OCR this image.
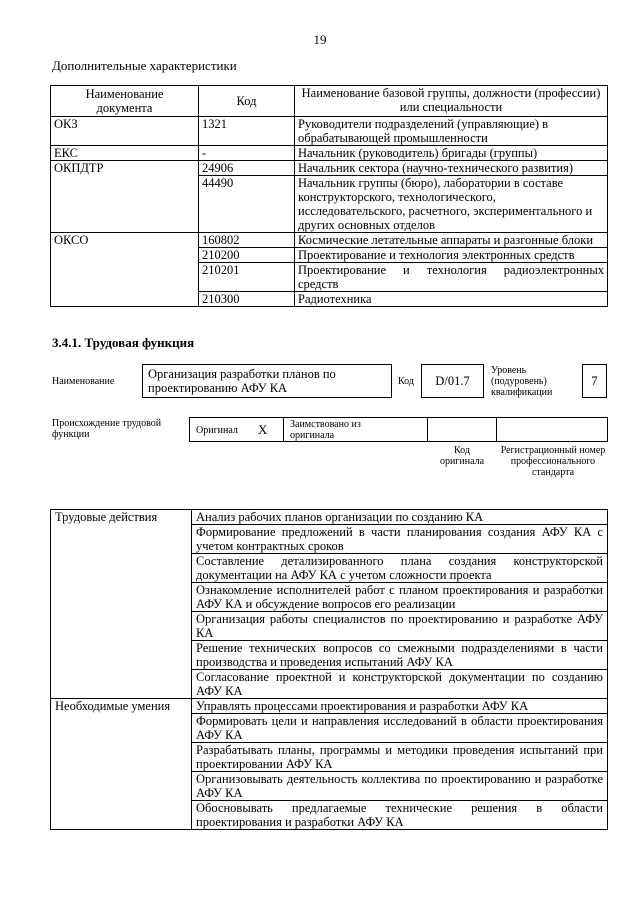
19
Дополнительные характеристики
Наименование документа	Код	Наименование базовой группы, должности (профессии) или специальности
ОКЗ	1321	Руководители подразделений (управляющие) в обрабатывающей промышленности
ЕКС	-	Начальник (руководитель) бригады (группы)
ОКПДТР	24906	Начальник сектора (научно-технического развития)
	44490	Начальник группы (бюро), лаборатории в составе конструкторского, технологического, исследовательского, расчетного, экспериментального и других основных отделов
ОКСО	160802	Космические летательные аппараты и разгонные блоки
	210200	Проектирование и технология электронных средств
	210201	Проектирование и технология радиоэлектронных средств
	210300	Радиотехника
3.4.1. Трудовая функция
Наименование
Организация разработки планов по проектированию АФУ КА	Код	D/01.7
Уровень (подуровень) квалификации
7
Происхождение трудовой функции	Оригинал X Заимствовано из оригинала
Код оригинала
Регистрационный номер профессионального стандарта
Трудовые действия	Анализ рабочих планов организации по созданию КА
	Формирование предложений в части планирования создания АФУ КА с учетом контрактных сроков
	Составление детализированного плана создания конструкторской документации на АФУ КА с учетом сложности проекта
	Ознакомление исполнителей работ с планом проектирования и разработки АФУ КА и обсуждение вопросов его реализации
	Организация работы специалистов по проектированию и разработке АФУ КА
	Решение технических вопросов со смежными подразделениями в части производства и проведения испытаний АФУ КА
	Согласование проектной и конструкторской документации по созданию АФУ КА
Необходимые умения	Управлять процессами проектирования и разработки АФУ КА
	Формировать цели и направления исследований в области проектирования АФУ КА
	Разрабатывать планы, программы и методики проведения испытаний при проектировании АФУ КА
	Организовывать деятельность коллектива по проектированию и разработке АФУ КА
	Обосновывать предлагаемые технические решения в области проектирования и разработки АФУ КА
